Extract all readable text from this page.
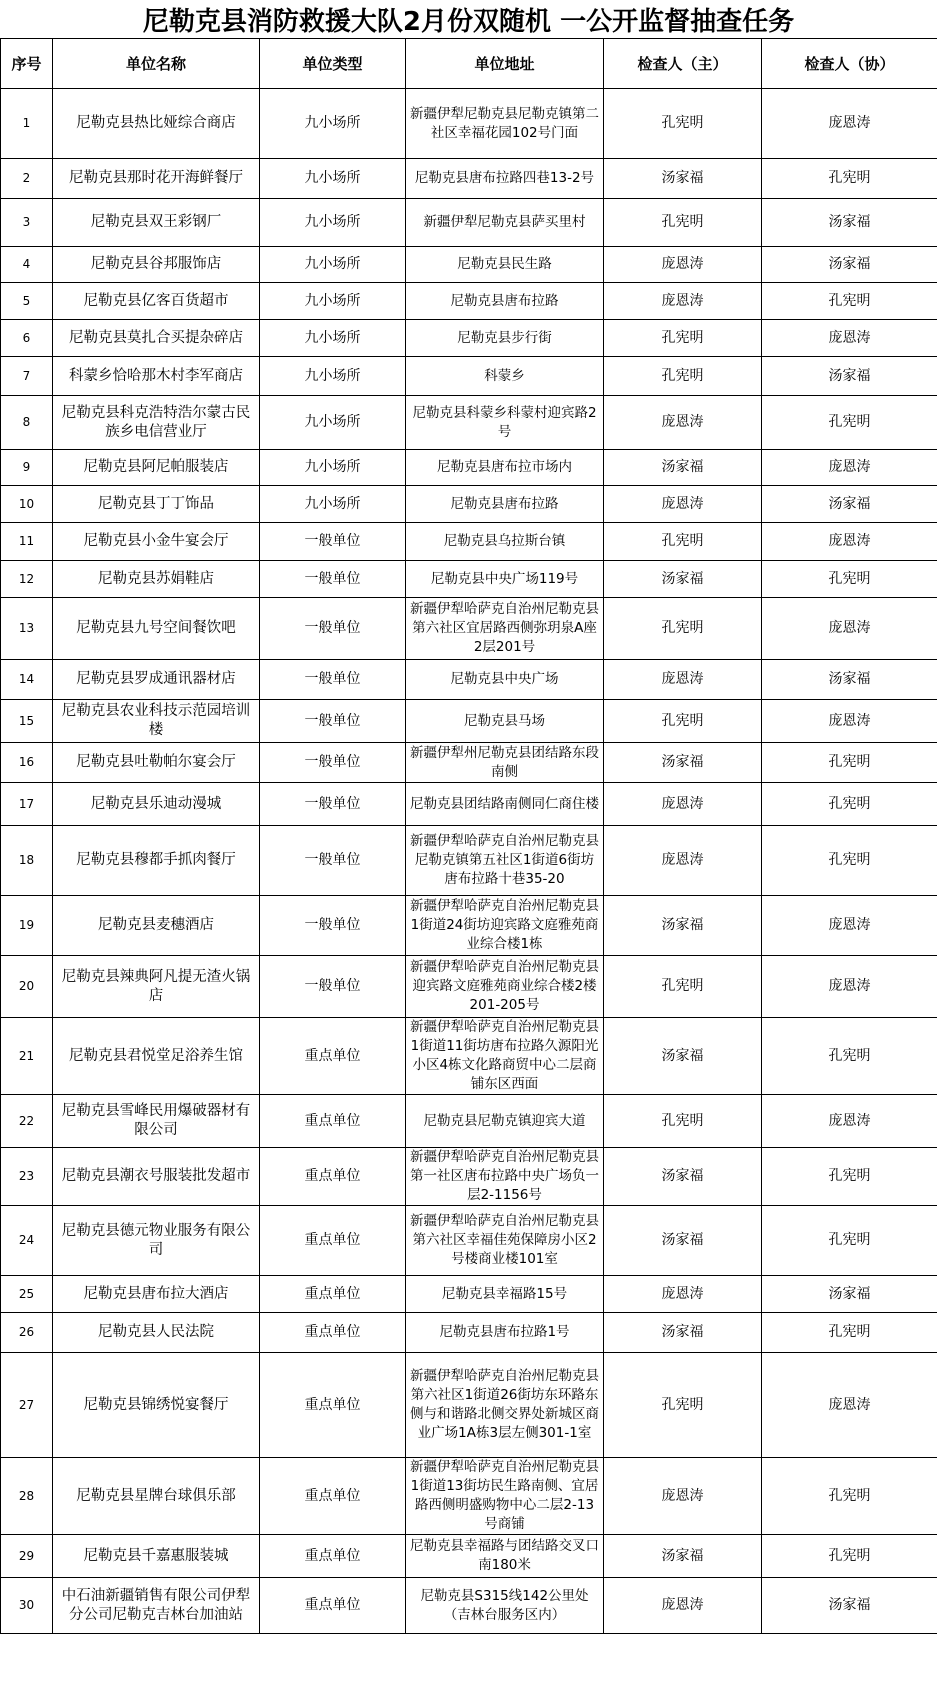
尼勒克县消防救援大队2月份双随机 一公开监督抽查任务
序号	单位名称	单位类型	单位地址	检查人（主）	检查人（协）
1	尼勒克县热比娅综合商店	九小场所	新疆伊犁尼勒克县尼勒克镇第二社区幸福花园102号门面	孔宪明	庞恩涛
2	尼勒克县那时花开海鲜餐厅	九小场所	尼勒克县唐布拉路四巷13-2号	汤家福	孔宪明
3	尼勒克县双王彩钢厂	九小场所	新疆伊犁尼勒克县萨买里村	孔宪明	汤家福
4	尼勒克县谷邦服饰店	九小场所	尼勒克县民生路	庞恩涛	汤家福
5	尼勒克县亿客百货超市	九小场所	尼勒克县唐布拉路	庞恩涛	孔宪明
6	尼勒克县莫扎合买提杂碎店	九小场所	尼勒克县步行街	孔宪明	庞恩涛
7	科蒙乡恰哈那木村李军商店	九小场所	科蒙乡	孔宪明	汤家福
8	尼勒克县科克浩特浩尔蒙古民族乡电信营业厅	九小场所	尼勒克县科蒙乡科蒙村迎宾路2号	庞恩涛	孔宪明
9	尼勒克县阿尼帕服装店	九小场所	尼勒克县唐布拉市场内	汤家福	庞恩涛
10	尼勒克县丁丁饰品	九小场所	尼勒克县唐布拉路	庞恩涛	汤家福
11	尼勒克县小金牛宴会厅	一般单位	尼勒克县乌拉斯台镇	孔宪明	庞恩涛
12	尼勒克县苏娟鞋店	一般单位	尼勒克县中央广场119号	汤家福	孔宪明
13	尼勒克县九号空间餐饮吧	一般单位	新疆伊犁哈萨克自治州尼勒克县第六社区宜居路西侧弥玥泉A座2层201号	孔宪明	庞恩涛
14	尼勒克县罗成通讯器材店	一般单位	尼勒克县中央广场	庞恩涛	汤家福
15	尼勒克县农业科技示范园培训楼	一般单位	尼勒克县马场	孔宪明	庞恩涛
16	尼勒克县吐勒帕尔宴会厅	一般单位	新疆伊犁州尼勒克县团结路东段南侧	汤家福	孔宪明
17	尼勒克县乐迪动漫城	一般单位	尼勒克县团结路南侧同仁商住楼	庞恩涛	孔宪明
18	尼勒克县穆都手抓肉餐厅	一般单位	新疆伊犁哈萨克自治州尼勒克县尼勒克镇第五社区1街道6街坊唐布拉路十巷35-20	庞恩涛	孔宪明
19	尼勒克县麦穗酒店	一般单位	新疆伊犁哈萨克自治州尼勒克县1街道24街坊迎宾路文庭雅苑商业综合楼1栋	汤家福	庞恩涛
20	尼勒克县辣典阿凡提无渣火锅店	一般单位	新疆伊犁哈萨克自治州尼勒克县迎宾路文庭雅苑商业综合楼2楼201-205号	孔宪明	庞恩涛
21	尼勒克县君悦堂足浴养生馆	重点单位	新疆伊犁哈萨克自治州尼勒克县1街道11街坊唐布拉路久源阳光小区4栋文化路商贸中心二层商铺东区西面	汤家福	孔宪明
22	尼勒克县雪峰民用爆破器材有限公司	重点单位	尼勒克县尼勒克镇迎宾大道	孔宪明	庞恩涛
23	尼勒克县潮衣号服装批发超市	重点单位	新疆伊犁哈萨克自治州尼勒克县第一社区唐布拉路中央广场负一层2-1156号	汤家福	孔宪明
24	尼勒克县德元物业服务有限公司	重点单位	新疆伊犁哈萨克自治州尼勒克县第六社区幸福佳苑保障房小区2号楼商业楼101室	汤家福	孔宪明
25	尼勒克县唐布拉大酒店	重点单位	尼勒克县幸福路15号	庞恩涛	汤家福
26	尼勒克县人民法院	重点单位	尼勒克县唐布拉路1号	汤家福	孔宪明
27	尼勒克县锦绣悦宴餐厅	重点单位	新疆伊犁哈萨克自治州尼勒克县第六社区1街道26街坊东环路东侧与和谐路北侧交界处新城区商业广场1A栋3层左侧301-1室	孔宪明	庞恩涛
28	尼勒克县星牌台球俱乐部	重点单位	新疆伊犁哈萨克自治州尼勒克县1街道13街坊民生路南侧、宜居路西侧明盛购物中心二层2-13号商铺	庞恩涛	孔宪明
29	尼勒克县千嘉惠服装城	重点单位	尼勒克县幸福路与团结路交叉口南180米	汤家福	孔宪明
30	中石油新疆销售有限公司伊犁分公司尼勒克吉林台加油站	重点单位	尼勒克县S315线142公里处（吉林台服务区内）	庞恩涛	汤家福
